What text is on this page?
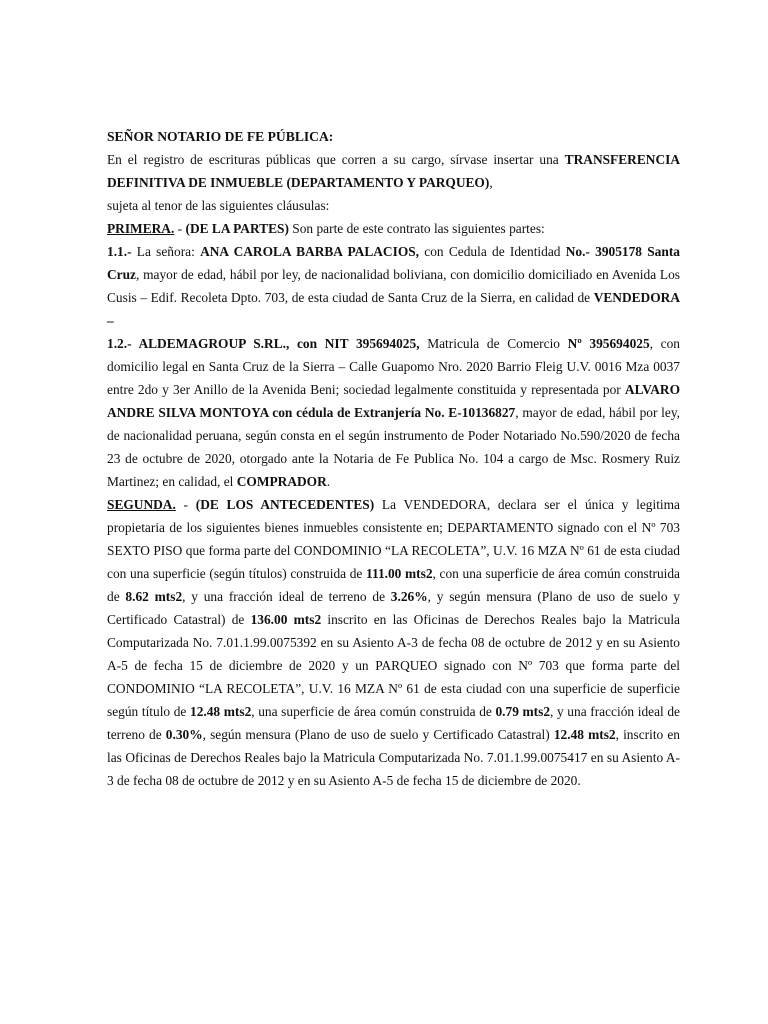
SEÑOR NOTARIO DE FE PÚBLICA:

En el registro de escrituras públicas que corren a su cargo, sírvase insertar una TRANSFERENCIA DEFINITIVA DE INMUEBLE (DEPARTAMENTO Y PARQUEO),
sujeta al tenor de las siguientes cláusulas:

PRIMERA. - (DE LA PARTES) Son parte de este contrato las siguientes partes:

1.1.- La señora: ANA CAROLA BARBA PALACIOS, con Cedula de Identidad No.- 3905178 Santa Cruz, mayor de edad, hábil por ley, de nacionalidad boliviana, con domicilio domiciliado en Avenida Los Cusis – Edif. Recoleta Dpto. 703, de esta ciudad de Santa Cruz de la Sierra, en calidad de VENDEDORA –

1.2.- ALDEMAGROUP S.RL., con NIT 395694025, Matricula de Comercio Nº 395694025, con domicilio legal en Santa Cruz de la Sierra – Calle Guapomo Nro. 2020 Barrio Fleig U.V. 0016 Mza 0037 entre 2do y 3er Anillo de la Avenida Beni; sociedad legalmente constituida y representada por ALVARO ANDRE SILVA MONTOYA con cédula de Extranjería No. E-10136827, mayor de edad, hábil por ley, de nacionalidad peruana, según consta en el según instrumento de Poder Notariado No.590/2020 de fecha 23 de octubre de 2020, otorgado ante la Notaria de Fe Publica No. 104 a cargo de Msc. Rosmery Ruiz Martinez; en calidad, el COMPRADOR.

SEGUNDA. - (DE LOS ANTECEDENTES) La VENDEDORA, declara ser el única y legitima propietaria de los siguientes bienes inmuebles consistente en; DEPARTAMENTO signado con el Nº 703 SEXTO PISO que forma parte del CONDOMINIO “LA RECOLETA”, U.V. 16 MZA Nº 61 de esta ciudad con una superficie (según títulos) construida de 111.00 mts2, con una superficie de área común construida de 8.62 mts2, y una fracción ideal de terreno de 3.26%, y según mensura (Plano de uso de suelo y Certificado Catastral) de 136.00 mts2 inscrito en las Oficinas de Derechos Reales bajo la Matricula Computarizada No. 7.01.1.99.0075392 en su Asiento A-3 de fecha 08 de octubre de 2012 y en su Asiento A-5 de fecha 15 de diciembre de 2020 y un PARQUEO signado con Nº 703 que forma parte del CONDOMINIO “LA RECOLETA”, U.V. 16 MZA Nº 61 de esta ciudad con una superficie de superficie según título de 12.48 mts2, una superficie de área común construida de 0.79 mts2, y una fracción ideal de terreno de 0.30%, según mensura (Plano de uso de suelo y Certificado Catastral) 12.48 mts2, inscrito en las Oficinas de Derechos Reales bajo la Matricula Computarizada No. 7.01.1.99.0075417 en su Asiento A-3 de fecha 08 de octubre de 2012 y en su Asiento A-5 de fecha 15 de diciembre de 2020.
